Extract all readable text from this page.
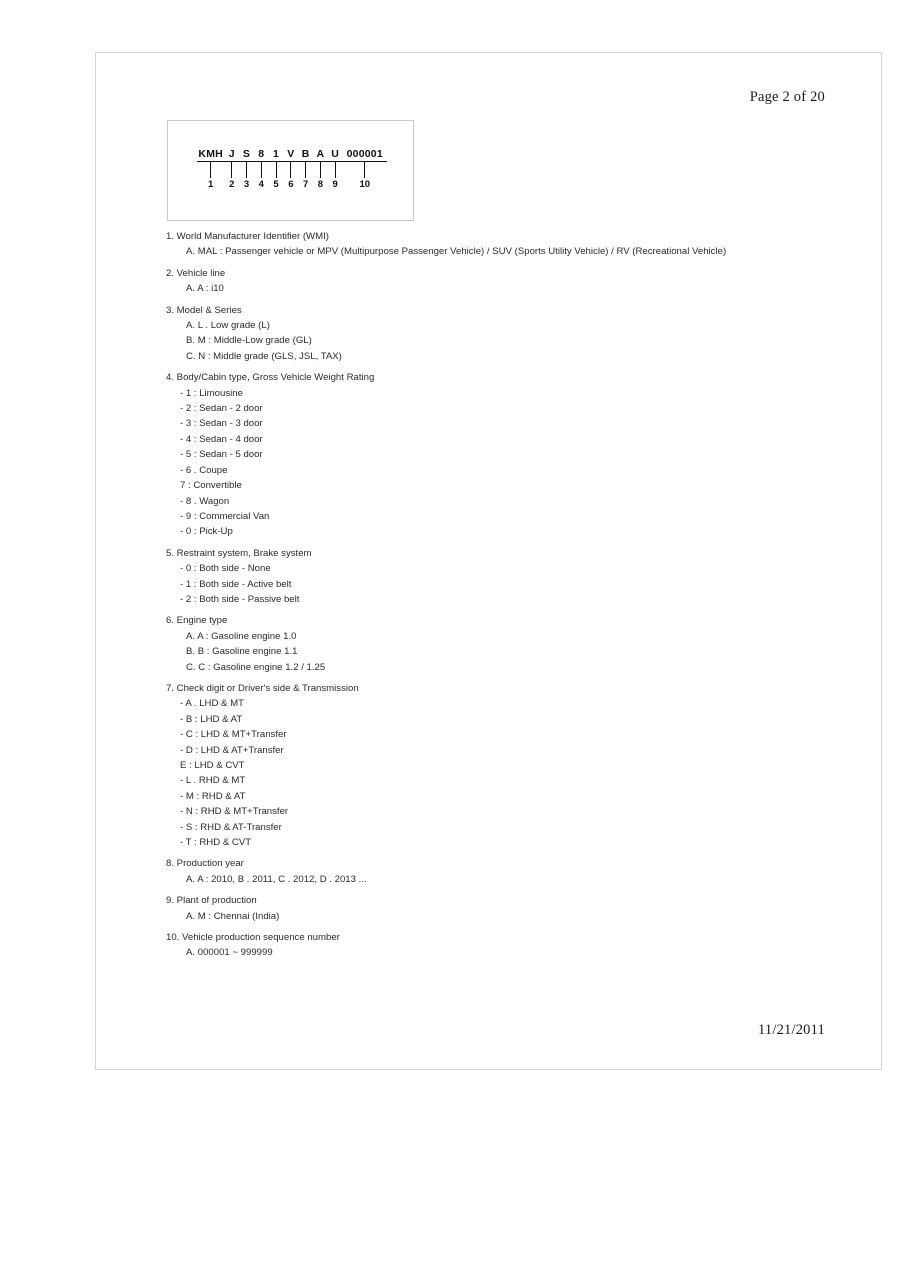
Page 2 of 20
KMH J S 8 1 V B A U 000001
1	2 3 4 5 6 7 8 9	10
1. World Manufacturer Identifier (WMI)
A. MAL : Passenger vehicle or MPV (Multipurpose Passenger Vehicle) / SUV (Sports Utility Vehicle) / RV (Recreational Vehicle)
2. Vehicle line
A. A : i10
3. Model & Series
A. L . Low grade (L)
B. M : Middle-Low grade (GL)
C. N : Middle grade (GLS, JSL, TAX)
4. Body/Cabin type, Gross Vehicle Weight Rating
- 1 : Limousine
- 2 : Sedan - 2 door
- 3 : Sedan - 3 door
- 4 : Sedan - 4 door
- 5 : Sedan - 5 door
- 6 . Coupe
7 : Convertible
- 8 . Wagon
- 9 : Commercial Van
- 0 : Pick-Up
5. Restraint system, Brake system
- 0 : Both side - None
- 1 : Both side - Active belt
- 2 : Both side - Passive belt
6. Engine type
A. A : Gasoline engine 1.0
B. B : Gasoline engine 1.1
C. C : Gasoline engine 1.2 / 1.25
7. Check digit or Driver's side & Transmission
- A . LHD & MT
- B : LHD & AT
- C : LHD & MT+Transfer
- D : LHD & AT+Transfer
E : LHD & CVT
- L . RHD & MT
- M : RHD & AT
- N : RHD & MT+Transfer
- S : RHD & AT-Transfer
- T : RHD & CVT
8. Production year
A. A : 2010, B . 2011, C . 2012, D . 2013 ...
9. Plant of production
A. M : Chennai (India)
10. Vehicle production sequence number
A. 000001 ~ 999999
11/21/2011
